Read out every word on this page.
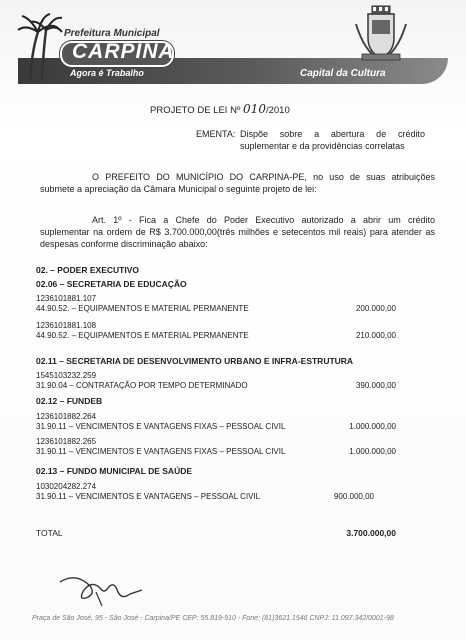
Prefeitura Municipal
CARPINA
Agora é Trabalho	Capital da Cultura
PROJETO DE LEI Nº 010/2010
EMENTA: Dispõe sobre a abertura de crédito
suplementar e da providências correlatas
O PREFEITO DO MUNICÍPIO DO CARPINA-PE, no uso de suas atribuições
submete a apreciação da Câmara Municipal o seguinte projeto de lei:
Art. 1º - Fica a Chefe do Poder Executivo autorizado a abrir um crédito
suplementar na ordem de R$ 3.700.000,00(três milhões e setecentos mil reais) para atender as
despesas conforme discriminação abaixo:
02. – PODER EXECUTIVO
02.06 – SECRETARIA DE EDUCAÇÃO
1236101881.107
44.90.52. – EQUIPAMENTOS E MATERIAL PERMANENTE	200.000,00
1236101881.108
44.90.52. – EQUIPAMENTOS E MATERIAL PERMANENTE	210.000,00
02.11 – SECRETARIA DE DESENVOLVIMENTO URBANO E INFRA-ESTRUTURA
1545103232.259
31.90.04 – CONTRATAÇÃO POR TEMPO DETERMINADO	390.000,00
02.12 – FUNDEB
1236101882.264
31.90.11 – VENCIMENTOS E VANTAGENS FIXAS – PESSOAL CIVIL	1.000.000,00
1236101882.265
31.90.11 – VENCIMENTOS E VANTAGENS FIXAS – PESSOAL CIVIL	1.000.000,00
02.13 – FUNDO MUNICIPAL DE SAÚDE
1030204282.274
31.90.11 – VENCIMENTOS E VANTAGENS – PESSOAL CIVIL	900.000,00
TOTAL	3.700.000,00
Praça de São José, 95 - São José - Carpina/PE CEP: 55.819-910 - Fone: (81)3621.1546 CNPJ: 11.097.342/0001-98
